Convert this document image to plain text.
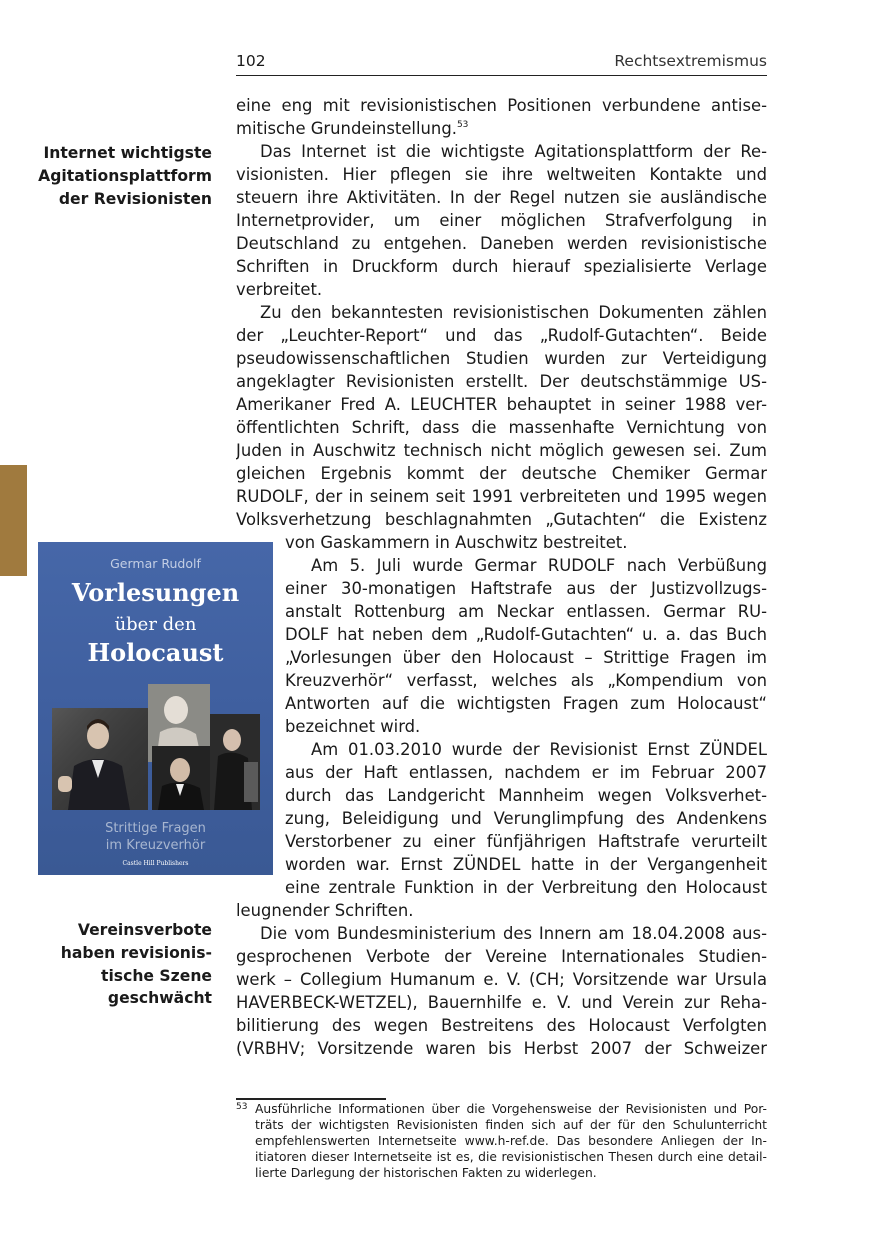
102	Rechtsextremismus
Internet wichtigste
Agitationsplattform
der Revisionisten
Vereinsverbote
haben revisionis-
tische Szene
geschwächt
eine eng mit revisionistischen Positionen verbundene antise-
mitische Grundeinstellung.$^{53}$
Das Internet ist die wichtigste Agitationsplattform der Re-
visionisten. Hier pflegen sie ihre weltweiten Kontakte und
steuern ihre Aktivitäten. In der Regel nutzen sie ausländische
Internetprovider, um einer möglichen Strafverfolgung in
Deutschland zu entgehen. Daneben werden revisionistische
Schriften in Druckform durch hierauf spezialisierte Verlage
verbreitet.
Zu den bekanntesten revisionistischen Dokumenten zählen
der „Leuchter-Report“ und das „Rudolf-Gutachten“. Beide
pseudowissenschaftlichen Studien wurden zur Verteidigung
angeklagter Revisionisten erstellt. Der deutschstämmige US-
Amerikaner Fred A. LEUCHTER behauptet in seiner 1988 ver-
öffentlichten Schrift, dass die massenhafte Vernichtung von
Juden in Auschwitz technisch nicht möglich gewesen sei. Zum
gleichen Ergebnis kommt der deutsche Chemiker Germar
RUDOLF, der in seinem seit 1991 verbreiteten und 1995 wegen
Volksverhetzung beschlagnahmten „Gutachten“ die Existenz
von Gaskammern in Auschwitz bestreitet.
Am 5. Juli wurde Germar RUDOLF nach Verbüßung
einer 30-monatigen Haftstrafe aus der Justizvollzugs-
anstalt Rottenburg am Neckar entlassen. Germar RU-
DOLF hat neben dem „Rudolf-Gutachten“ u. a. das Buch
„Vorlesungen über den Holocaust – Strittige Fragen im
Kreuzverhör“ verfasst, welches als „Kompendium von
Antworten auf die wichtigsten Fragen zum Holocaust“
bezeichnet wird.
Am 01.03.2010 wurde der Revisionist Ernst ZÜNDEL
aus der Haft entlassen, nachdem er im Februar 2007
durch das Landgericht Mannheim wegen Volksverhet-
zung, Beleidigung und Verunglimpfung des Andenkens
Verstorbener zu einer fünfjährigen Haftstrafe verurteilt
worden war. Ernst ZÜNDEL hatte in der Vergangenheit
eine zentrale Funktion in der Verbreitung den Holocaust
leugnender Schriften.
Die vom Bundesministerium des Innern am 18.04.2008 aus-
gesprochenen Verbote der Vereine Internationales Studien-
werk – Collegium Humanum e. V. (CH; Vorsitzende war Ursula
HAVERBECK-WETZEL), Bauernhilfe e. V. und Verein zur Reha-
bilitierung des wegen Bestreitens des Holocaust Verfolgten
(VRBHV; Vorsitzende waren bis Herbst 2007 der Schweizer
Germar Rudolf
Vorlesungen
über den
Holocaust
Strittige Fragen
im Kreuzverhör
Castle Hill Publishers
53 Ausführliche Informationen über die Vorgehensweise der Revisionisten und Por-
träts der wichtigsten Revisionisten finden sich auf der für den Schulunterricht
empfehlenswerten Internetseite www.h-ref.de. Das besondere Anliegen der In-
itiatoren dieser Internetseite ist es, die revisionistischen Thesen durch eine detail-
lierte Darlegung der historischen Fakten zu widerlegen.
